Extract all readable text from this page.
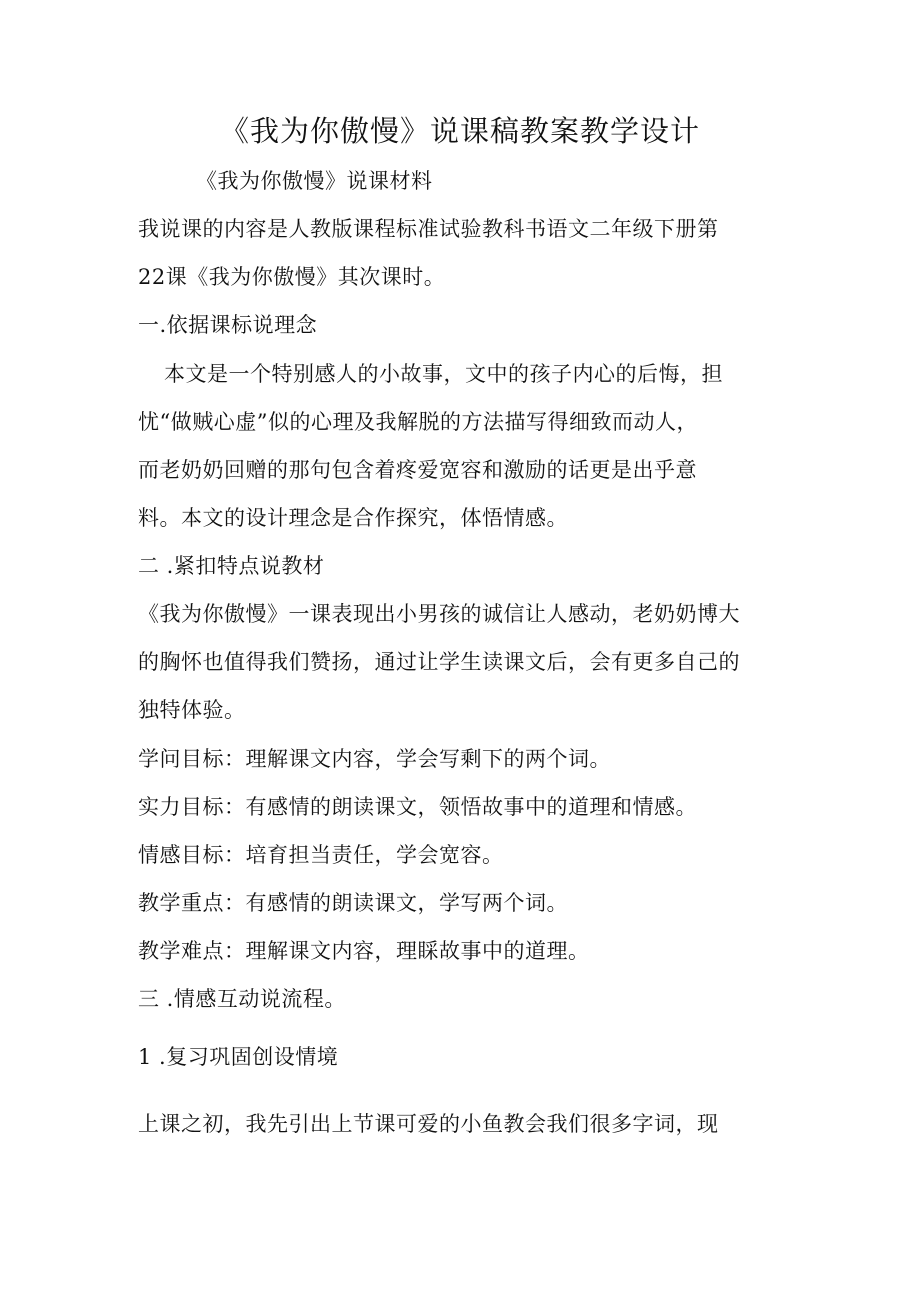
《我为你傲慢》说课稿教案教学设计
《我为你傲慢》说课材料
我说课的内容是人教版课程标准试验教科书语文二年级下册第
22课《我为你傲慢》其次课时。
一.依据课标说理念
本文是一个特别感人的小故事，文中的孩子内心的后悔，担
忧“做贼心虚”似的心理及我解脱的方法描写得细致而动人，
而老奶奶回赠的那句包含着疼爱宽容和激励的话更是出乎意
料。本文的设计理念是合作探究，体悟情感。
二 .紧扣特点说教材
《我为你傲慢》一课表现出小男孩的诚信让人感动，老奶奶博大
的胸怀也值得我们赞扬，通过让学生读课文后，会有更多自己的
独特体验。
学问目标：理解课文内容，学会写剩下的两个词。
实力目标：有感情的朗读课文，领悟故事中的道理和情感。
情感目标：培育担当责任，学会宽容。
教学重点：有感情的朗读课文，学写两个词。
教学难点：理解课文内容，理睬故事中的道理。
三 .情感互动说流程。
1 .复习巩固创设情境
上课之初，我先引出上节课可爱的小鱼教会我们很多字词，现
